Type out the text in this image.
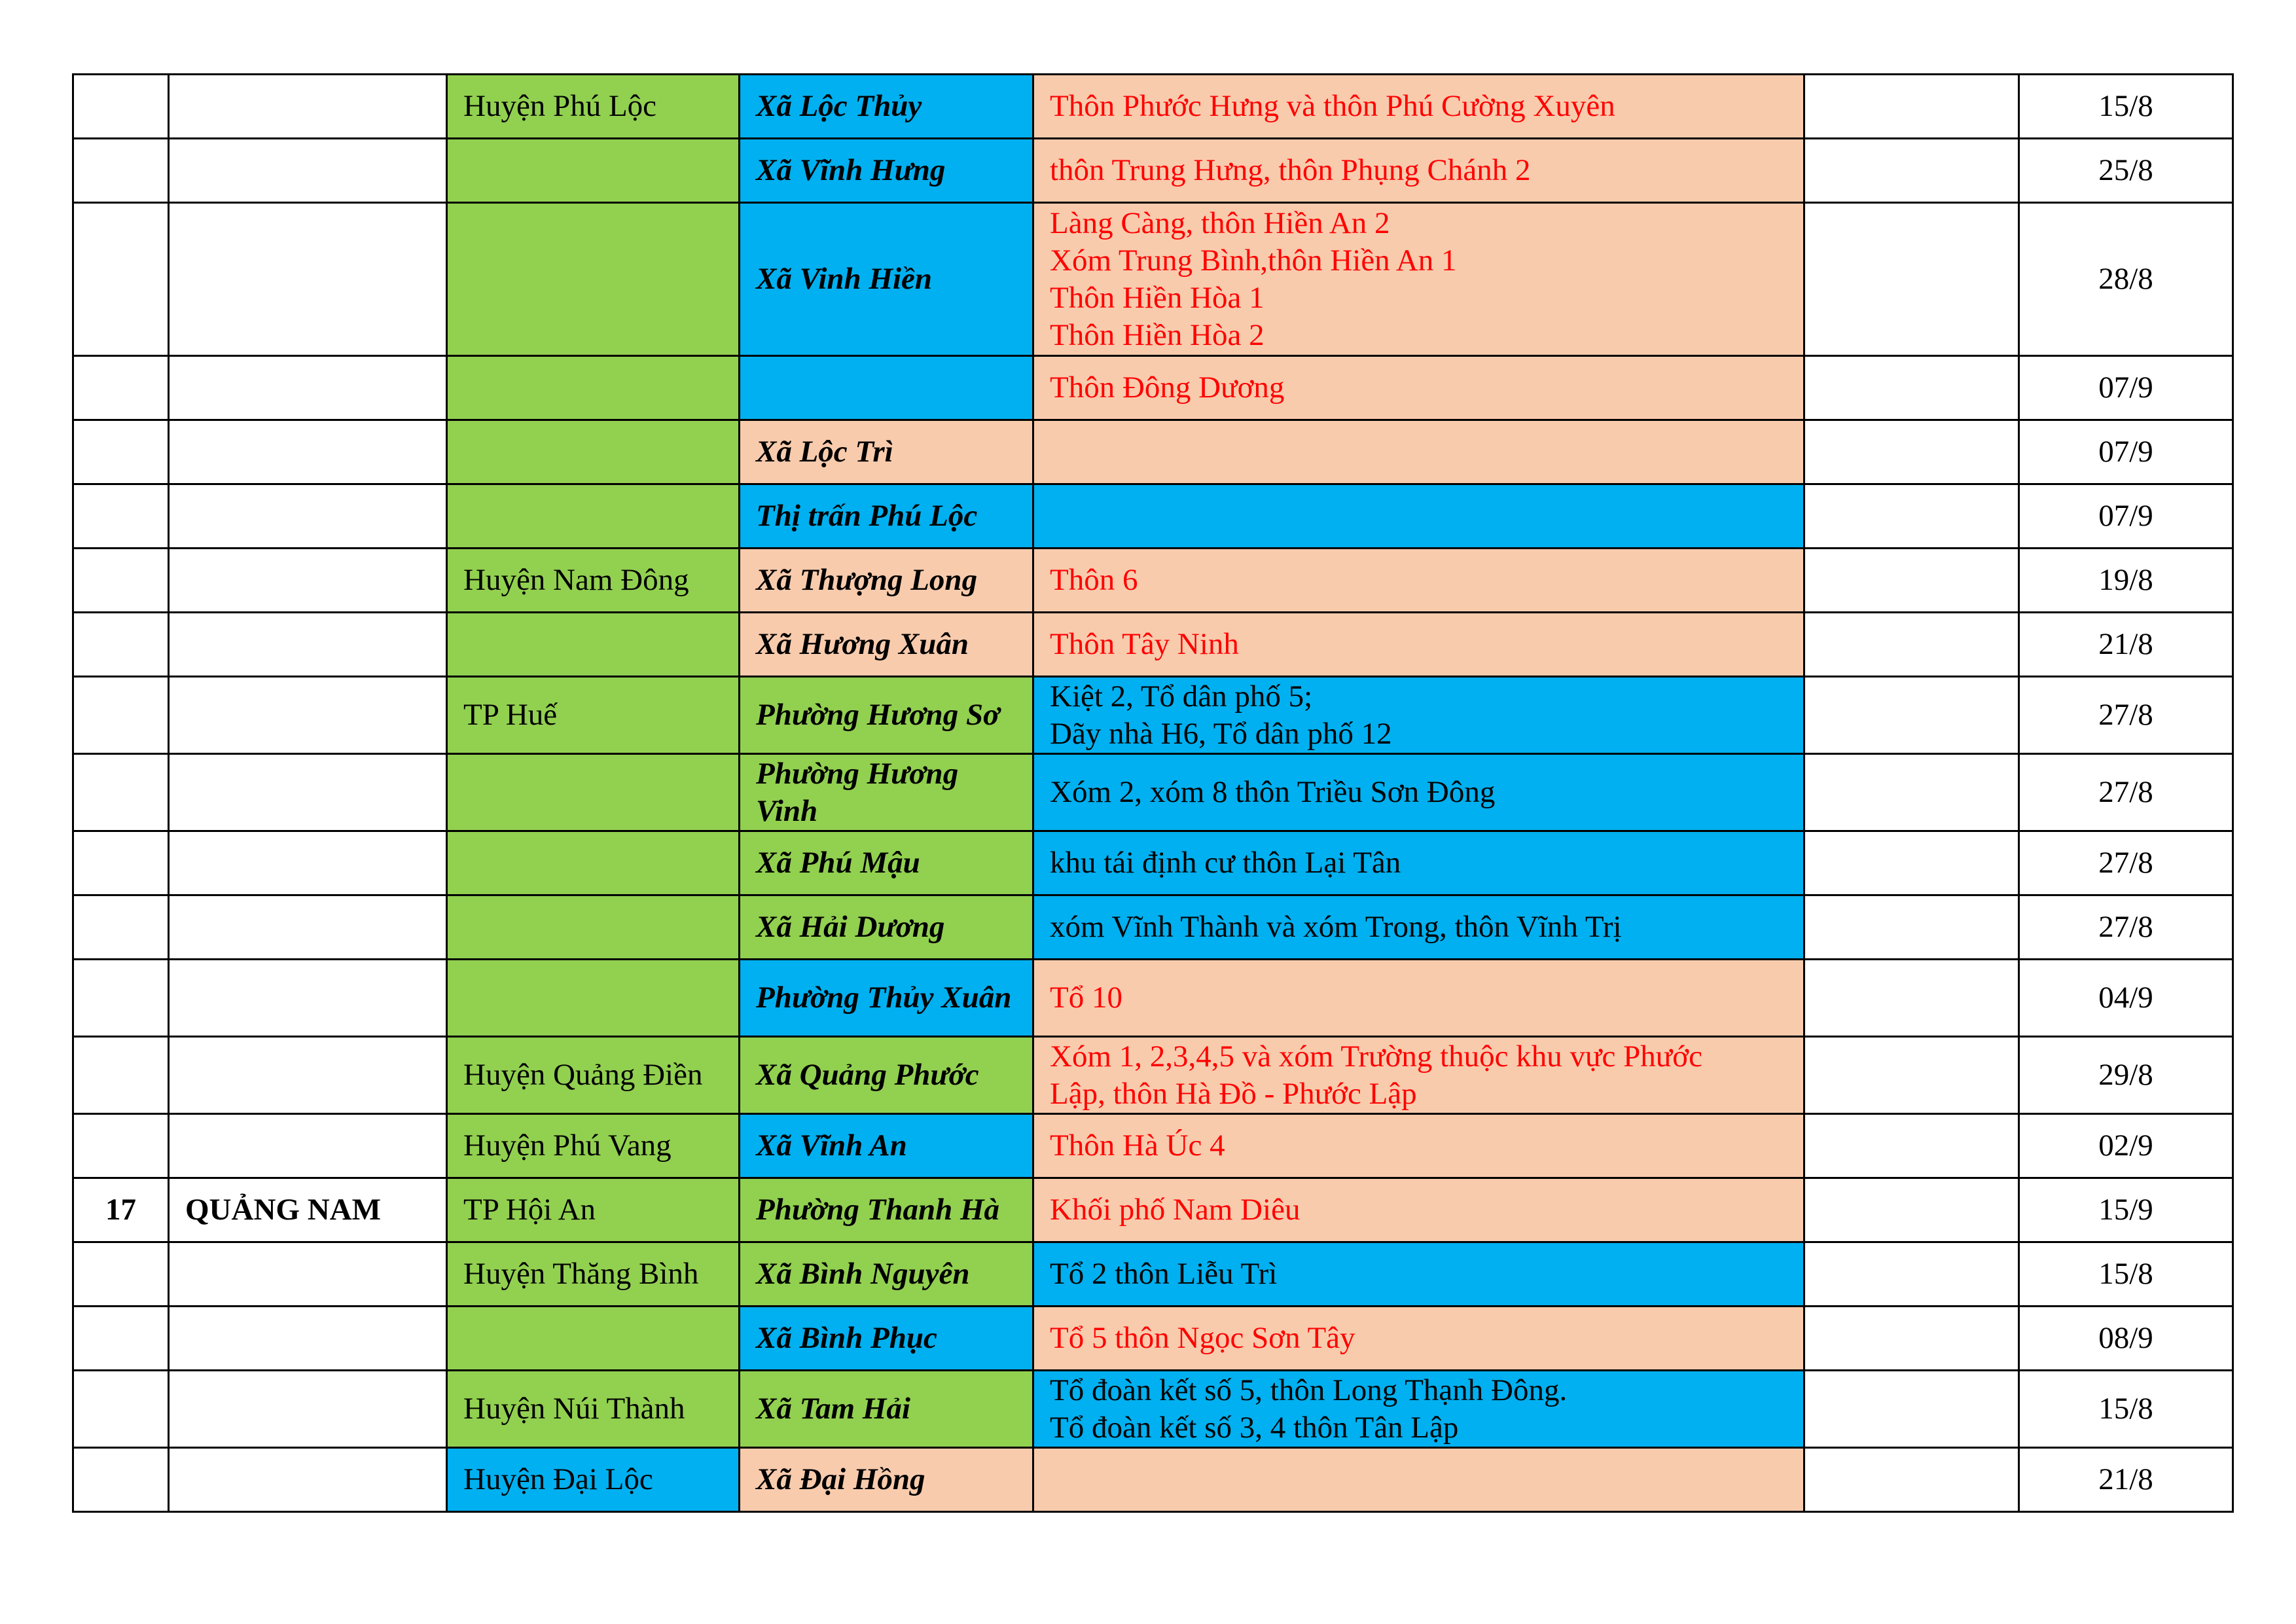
		Huyện Phú Lộc	Xã Lộc Thủy	Thôn Phước Hưng và thôn Phú Cường Xuyên		15/8
			Xã Vĩnh Hưng	thôn Trung Hưng, thôn Phụng Chánh 2		25/8
			Xã Vinh Hiền	Làng Càng, thôn Hiền An 2
Xóm Trung Bình,thôn Hiền An 1
Thôn Hiền Hòa 1
Thôn Hiền Hòa 2		28/8

				Thôn Đông Dương		07/9
			Xã Lộc Trì			07/9
			Thị trấn Phú Lộc			07/9
		Huyện Nam Đông	Xã Thượng Long	Thôn 6		19/8
			Xã Hương Xuân	Thôn Tây Ninh		21/8
		TP Huế	Phường Hương Sơ	Kiệt 2, Tổ dân phố 5;
Dãy nhà H6, Tổ dân phố 12		27/8
			Phường Hương Vinh	Xóm 2, xóm 8 thôn Triều Sơn Đông		27/8
			Xã Phú Mậu	khu tái định cư thôn Lại Tân		27/8
			Xã Hải Dương	xóm Vĩnh Thành và xóm Trong, thôn Vĩnh Trị		27/8
			Phường Thủy Xuân	Tổ 10		04/9
		Huyện Quảng Điền	Xã Quảng Phước	Xóm 1, 2,3,4,5 và xóm Trường thuộc khu vực Phước
Lập, thôn Hà Đồ - Phước Lập		29/8
		Huyện Phú Vang	Xã Vĩnh An	Thôn Hà Úc 4		02/9
17	QUẢNG NAM	TP Hội An	Phường Thanh Hà	Khối phố Nam Diêu		15/9
		Huyện Thăng Bình	Xã Bình Nguyên	Tổ 2 thôn Liễu Trì		15/8
			Xã Bình Phục	Tổ 5 thôn Ngọc Sơn Tây		08/9
		Huyện Núi Thành	Xã Tam Hải	Tổ đoàn kết số 5, thôn Long Thạnh Đông.
Tổ đoàn kết số 3, 4 thôn Tân Lập		15/8
		Huyện Đại Lộc	Xã Đại Hồng			21/8
